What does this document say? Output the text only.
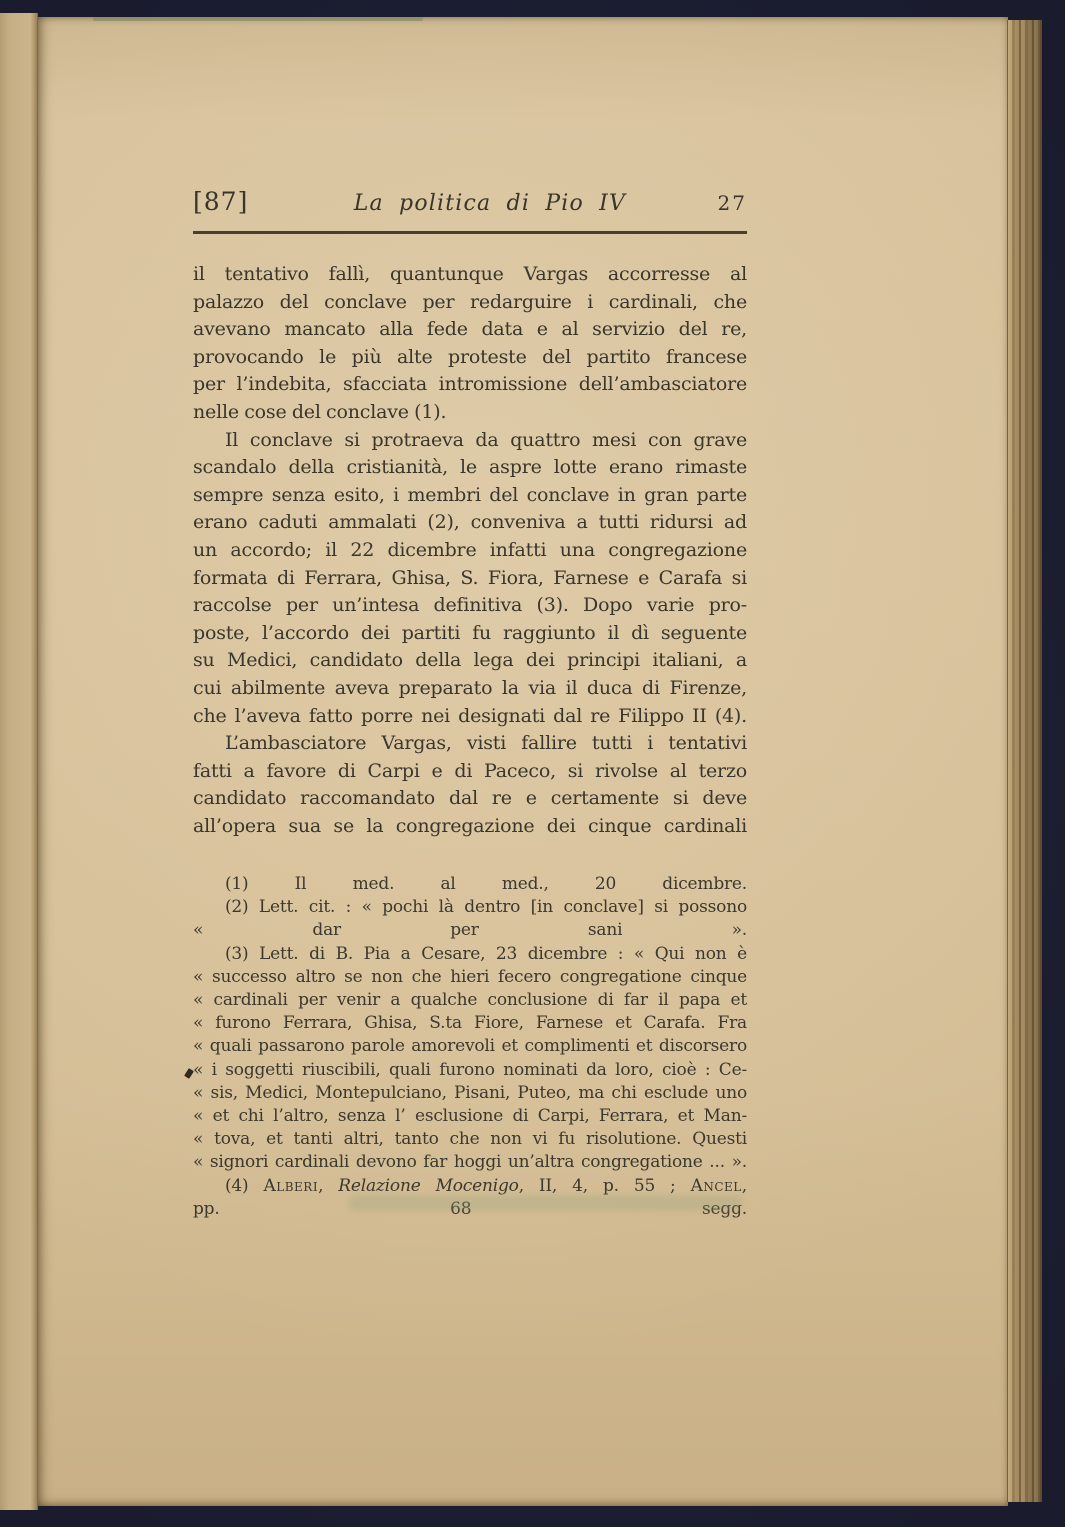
[87]	La politica di Pio IV	27
il tentativo fallì, quantunque Vargas accorresse al
palazzo del conclave per redarguire i cardinali, che
avevano mancato alla fede data e al servizio del re,
provocando le più alte proteste del partito francese
per l’indebita, sfacciata intromissione dell’ambasciatore
nelle cose del conclave (1).
Il conclave si protraeva da quattro mesi con grave
scandalo della cristianità, le aspre lotte erano rimaste
sempre senza esito, i membri del conclave in gran parte
erano caduti ammalati (2), conveniva a tutti ridursi ad
un accordo; il 22 dicembre infatti una congregazione
formata di Ferrara, Ghisa, S. Fiora, Farnese e Carafa si
raccolse per un’intesa definitiva (3). Dopo varie pro-
poste, l’accordo dei partiti fu raggiunto il dì seguente
su Medici, candidato della lega dei principi italiani, a
cui abilmente aveva preparato la via il duca di Firenze,
che l’aveva fatto porre nei designati dal re Filippo II (4).
L’ambasciatore Vargas, visti fallire tutti i tentativi
fatti a favore di Carpi e di Paceco, si rivolse al terzo
candidato raccomandato dal re e certamente si deve
all’opera sua se la congregazione dei cinque cardinali
(1) Il med. al med., 20 dicembre.
(2) Lett. cit. : « pochi là dentro [in conclave] si possono
« dar per sani ».
(3) Lett. di B. Pia a Cesare, 23 dicembre : « Qui non è
« successo altro se non che hieri fecero congregatione cinque
« cardinali per venir a qualche conclusione di far il papa et
« furono Ferrara, Ghisa, S.ta Fiore, Farnese et Carafa. Fra
« quali passarono parole amorevoli et complimenti et discorsero
« i soggetti riuscibili, quali furono nominati da loro, cioè : Ce-
« sis, Medici, Montepulciano, Pisani, Puteo, ma chi esclude uno
« et chi l’altro, senza l’ esclusione di Carpi, Ferrara, et Man-
« tova, et tanti altri, tanto che non vi fu risolutione. Questi
« signori cardinali devono far hoggi un’altra congregatione ... ».
(4) Alberi, Relazione Mocenigo, II, 4, p. 55 ; Ancel,
pp. 68 segg.
